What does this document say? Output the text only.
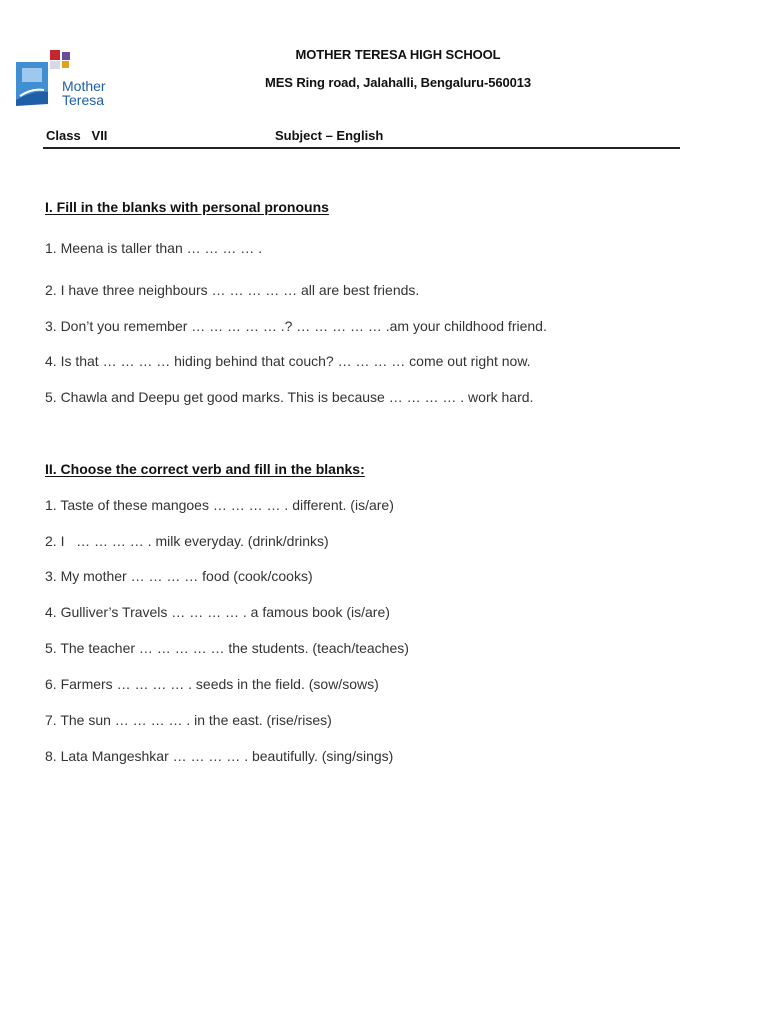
Mother
Teresa
MOTHER TERESA HIGH SCHOOL
MES Ring road, Jalahalli, Bengaluru-560013
Class   VII	Subject – English
I. Fill in the blanks with personal pronouns
1. Meena is taller than … … … … .
2. I have three neighbours … … … … … all are best friends.
3. Don’t you remember … … … … … .? … … … … … .am your childhood friend.
4. Is that … … … … hiding behind that couch? … … … … come out right now.
5. Chawla and Deepu get good marks. This is because … … … … . work hard.
II. Choose the correct verb and fill in the blanks:
1. Taste of these mangoes … … … … . different. (is/are)
2. I   … … … … . milk everyday. (drink/drinks)
3. My mother … … … … food (cook/cooks)
4. Gulliver’s Travels … … … … . a famous book (is/are)
5. The teacher … … … … … the students. (teach/teaches)
6. Farmers … … … … . seeds in the field. (sow/sows)
7. The sun … … … … . in the east. (rise/rises)
8. Lata Mangeshkar … … … … . beautifully. (sing/sings)
